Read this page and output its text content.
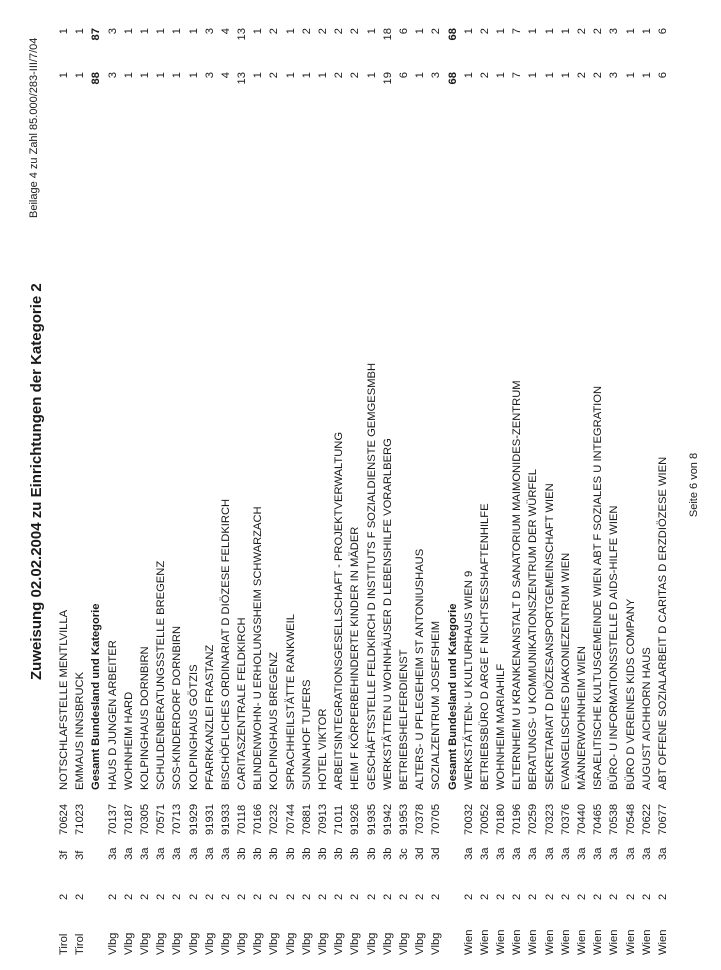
Zuweisung 02.02.2004 zu Einrichtungen der Kategorie 2
Beilage 4 zu Zahl 85.000/283-III/7/04
Tirol
2
3f
70624
NOTSCHLAFSTELLE MENTLVILLA
1
1
Tirol
2
3f
71023
EMMAUS INNSBRUCK
1
1
Gesamt Bundesland und Kategorie
88
87
Vlbg
2
3a
70137
HAUS D JUNGEN ARBEITER
3
3
Vlbg
2
3a
70187
WOHNHEIM HARD
1
1
Vlbg
2
3a
70305
KOLPINGHAUS DORNBIRN
1
1
Vlbg
2
3a
70571
SCHULDENBERATUNGSSTELLE BREGENZ
1
1
Vlbg
2
3a
70713
SOS-KINDERDORF DORNBIRN
1
1
Vlbg
2
3a
91929
KOLPINGHAUS GÖTZIS
1
1
Vlbg
2
3a
91931
PFARRKANZLEI FRASTANZ
3
3
Vlbg
2
3a
91933
BISCHÖFLICHES ORDINARIAT D DIÖZESE FELDKIRCH
4
4
Vlbg
2
3b
70118
CARITASZENTRALE FELDKIRCH
13
13
Vlbg
2
3b
70166
BLINDENWOHN- U ERHOLUNGSHEIM SCHWARZACH
1
1
Vlbg
2
3b
70232
KOLPINGHAUS BREGENZ
2
2
Vlbg
2
3b
70744
SPRACHHEILSTÄTTE RANKWEIL
1
1
Vlbg
2
3b
70881
SUNNAHOF TUFERS
1
2
Vlbg
2
3b
70913
HOTEL VIKTOR
1
2
Vlbg
2
3b
71011
ARBEITSINTEGRATIONSGESELLSCHAFT - PROJEKTVERWALTUNG
2
2
Vlbg
2
3b
91926
HEIM F KÖRPERBEHINDERTE KINDER IN MÄDER
2
2
Vlbg
2
3b
91935
GESCHÄFTSSTELLE FELDKIRCH D INSTITUTS F SOZIALDIENSTE GEMGESMBH
1
1
Vlbg
2
3b
91942
WERKSTÄTTEN U WOHNHÄUSER D LEBENSHILFE VORARLBERG
19
18
Vlbg
2
3c
91953
BETRIEBSHELFERDIENST
6
6
Vlbg
2
3d
70378
ALTERS- U PFLEGEHEIM ST ANTONIUSHAUS
1
1
Vlbg
2
3d
70705
SOZIALZENTRUM JOSEFSHEIM
3
2
Gesamt Bundesland und Kategorie
68
68
Wien
2
3a
70032
WERKSTÄTTEN- U KULTURHAUS WIEN 9
1
1
Wien
2
3a
70052
BETRIEBSBÜRO D ARGE F NICHTSESSHAFTENHILFE
2
2
Wien
2
3a
70180
WOHNHEIM MARIAHILF
1
1
Wien
2
3a
70196
ELTERNHEIM U KRANKENANSTALT D SANATORIUM MAIMONIDES-ZENTRUM
7
7
Wien
2
3a
70259
BERATUNGS- U KOMMUNIKATIONSZENTRUM DER WÜRFEL
1
1
Wien
2
3a
70323
SEKRETARIAT D DIÖZESANSPORTGEMEINSCHAFT WIEN
1
1
Wien
2
3a
70376
EVANGELISCHES DIAKONIEZENTRUM WIEN
1
1
Wien
2
3a
70440
MÄNNERWOHNHEIM WIEN
2
2
Wien
2
3a
70465
ISRAELITISCHE KULTUSGEMEINDE WIEN ABT F SOZIALES U INTEGRATION
2
2
Wien
2
3a
70538
BÜRO- U INFORMATIONSSTELLE D AIDS-HILFE WIEN
3
3
Wien
2
3a
70548
BÜRO D VEREINES KIDS COMPANY
1
1
Wien
2
3a
70622
AUGUST AICHHORN HAUS
1
1
Wien
2
3a
70677
ABT OFFENE SOZIALARBEIT D CARITAS D ERZDIÖZESE WIEN
6
6
Seite 6 von 8
